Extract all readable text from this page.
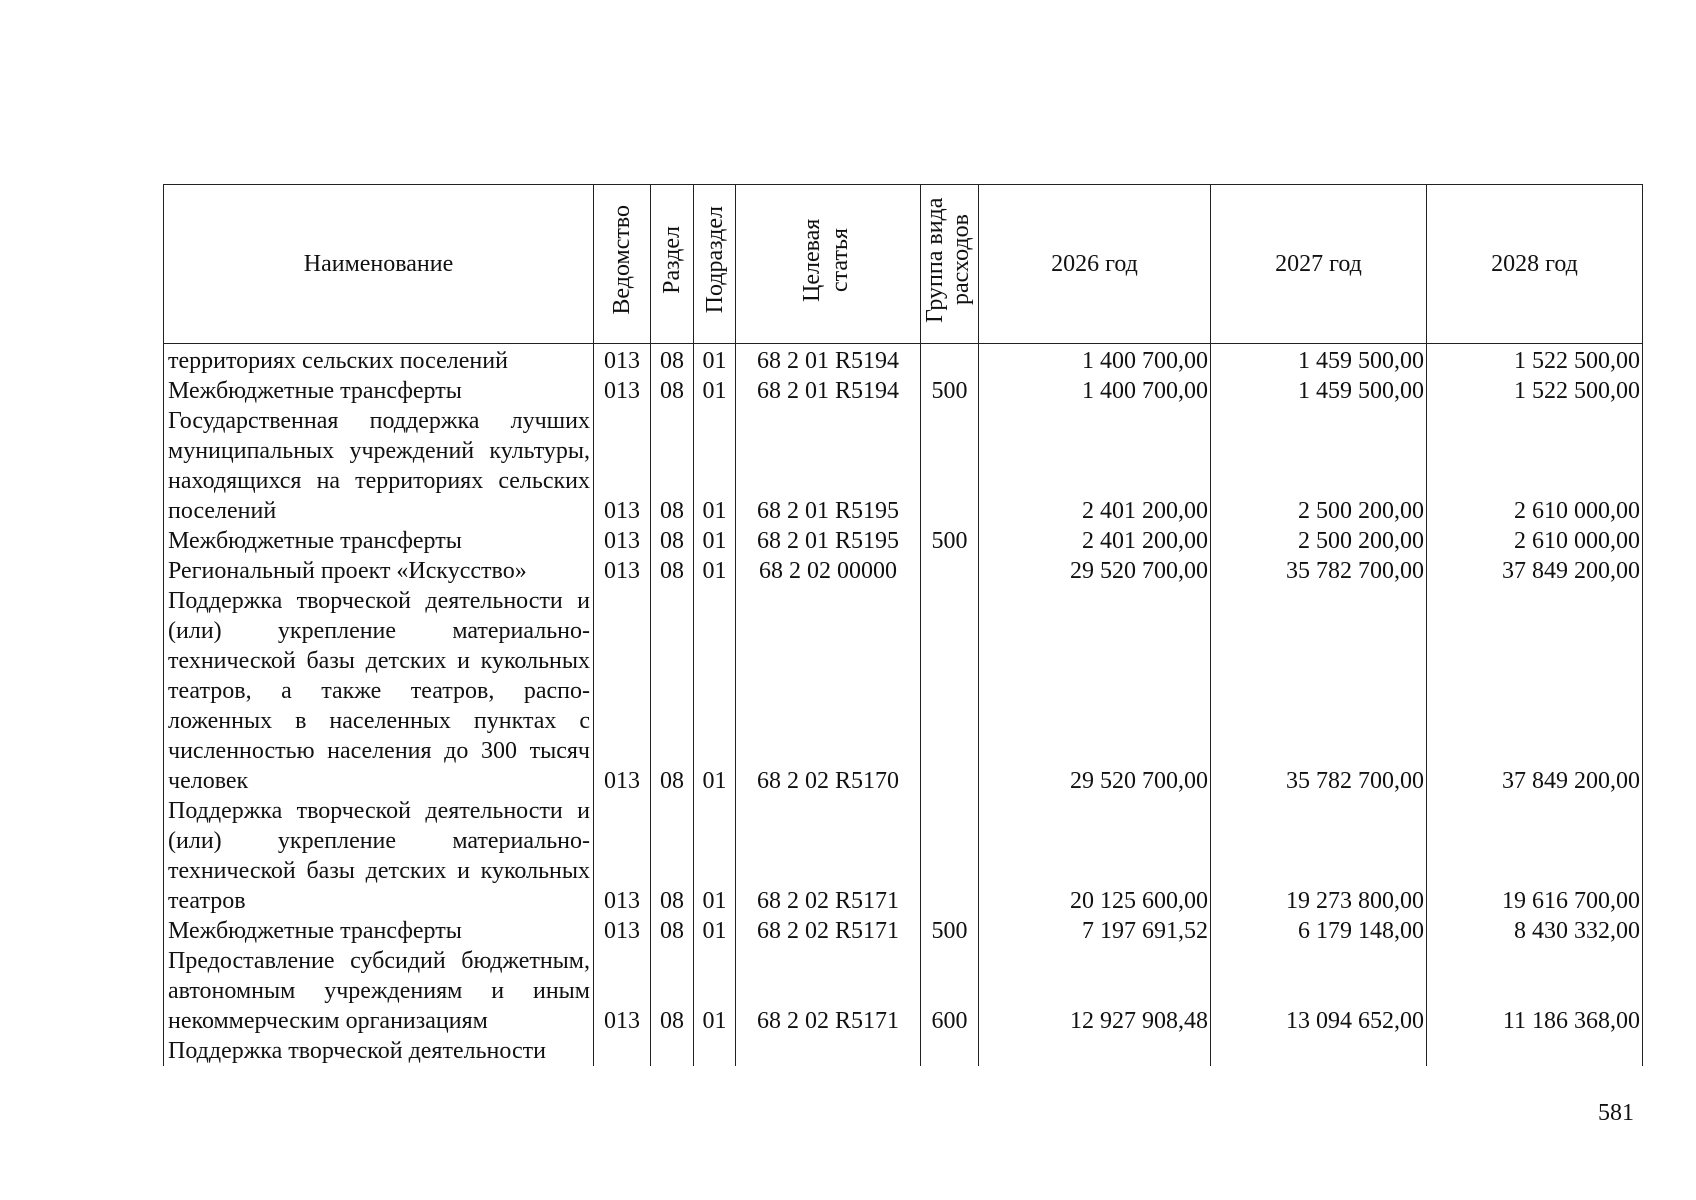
Наименование	Ведомство	Раздел	Подраздел	Целевая статья	Группа вида расходов	2026 год	2027 год	2028 год
территориях сельских поселений	013	08	01	68 2 01 R5194		1 400 700,00	1 459 500,00	1 522 500,00
Межбюджетные трансферты	013	08	01	68 2 01 R5194	500	1 400 700,00	1 459 500,00	1 522 500,00
Государственная поддержка лучших муниципальных учреждений культуры, находящихся на территориях сельских поселений	013	08	01	68 2 01 R5195		2 401 200,00	2 500 200,00	2 610 000,00
Межбюджетные трансферты	013	08	01	68 2 01 R5195	500	2 401 200,00	2 500 200,00	2 610 000,00
Региональный проект «Искусство»	013	08	01	68 2 02 00000		29 520 700,00	35 782 700,00	37 849 200,00
Поддержка творческой деятельности и (или) укрепление материально-технической базы детских и кукольных театров, а также театров, расположенных в населенных пунктах с численностью населения до 300 тысяч человек	013	08	01	68 2 02 R5170		29 520 700,00	35 782 700,00	37 849 200,00
Поддержка творческой деятельности и (или) укрепление материально-технической базы детских и кукольных театров	013	08	01	68 2 02 R5171		20 125 600,00	19 273 800,00	19 616 700,00
Межбюджетные трансферты	013	08	01	68 2 02 R5171	500	7 197 691,52	6 179 148,00	8 430 332,00
Предоставление субсидий бюджетным, автономным учреждениям и иным некоммерческим организациям	013	08	01	68 2 02 R5171	600	12 927 908,48	13 094 652,00	11 186 368,00
Поддержка творческой деятельности								
581
